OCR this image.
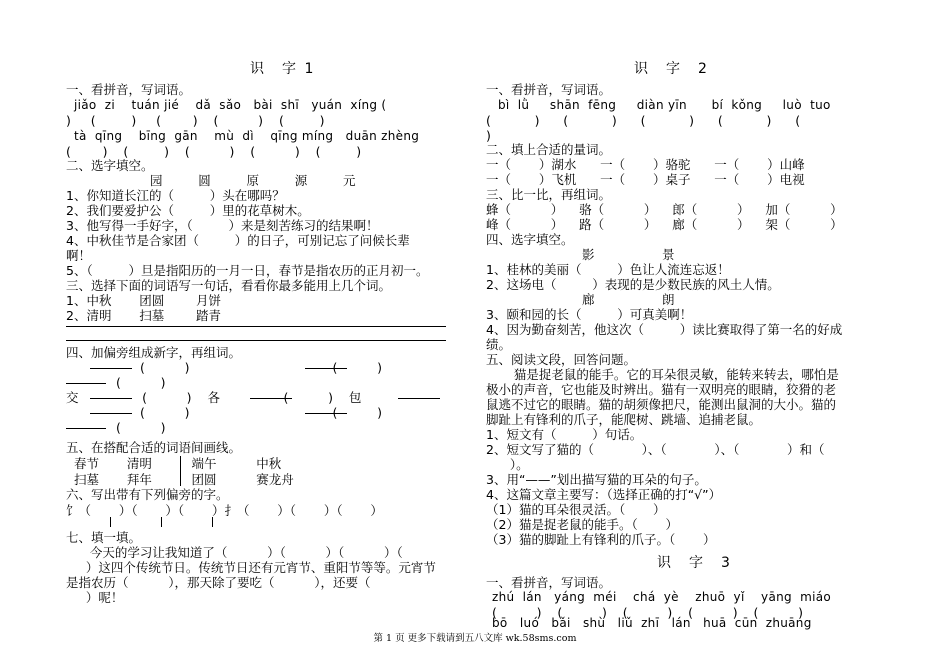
识　字 1
一、看拼音，写词语。
jiǎo  zi    tuán jié    dǎ  sǎo   bài  shī   yuán  xíng (
)     (         )     (        )    (          )    (         )
tà  qīng    bīng  gān    mù  dì    qīng míng   duān zhèng
(        )    (         )    (          )    (          )    (         )
二、选字填空。
园         圆         原         源         元
1、你知道长江的（         ）头在哪吗？
2、我们要爱护公（         ）里的花草树木。
3、他写得一手好字，（         ）来是刻苦练习的结果啊！
4、中秋佳节是合家团（         ）的日子，可别记忘了问候长辈
啊！
5、（         ）旦是指阳历的一月一日，春节是指农历的正月初一。
三、选择下面的词语写一句话，看看你最多能用上几个词。
1、中秋       团圆        月饼
2、清明       扫墓        踏青
四、加偏旁组成新字，再组词。
(          )                                    (          )
(          )
交                (          )    各                (          )    包
(          )                                    (          )
(          )
五、在搭配合适的词语间画线。
春节       清明          端午          中秋
扫墓       拜年          团圆          赛龙舟
六、写出带有下列偏旁的字。
饣（       ）（       ）（       ）扌（       ）（       ）（       ）
七、填一填。
今天的学习让我知道了（          ）（          ）（          ）（
）这四个传统节日。传统节日还有元宵节、重阳节等等。元宵节
是指农历（          ），那天除了要吃（          ），还要（
）呢！
识　字　2
一、看拼音，写词语。
bì  lǜ     shān  fēng     diàn yīn      bí  kǒng     luò  tuo
(           )      (           )      (           )      (           )      (
)
二、填上合适的量词。
一（       ）湖水      一（       ）骆驼      一（       ）山峰
一（       ）飞机      一（       ）桌子      一（       ）电视
三、比一比，再组词。
蜂（          ）    骆（          ）    郎（          ）    加（          ）
峰（          ）    路（          ）    廊（          ）    架（          ）
四、选字填空。
影                 景
1、桂林的美丽（         ）色让人流连忘返！
2、这场电（         ）表现的是少数民族的风土人情。
廊                 朗
3、颐和园的长（         ）可真美啊！
4、因为勤奋刻苦，他这次（         ）读比赛取得了第一名的好成
绩。
五、阅读文段，回答问题。
猫是捉老鼠的能手。它的耳朵很灵敏，能转来转去，哪怕是
极小的声音，它也能及时辨出。猫有一双明亮的眼睛，狡猾的老
鼠逃不过它的眼睛。猫的胡须像把尺，能测出鼠洞的大小。猫的
脚趾上有锋利的爪子，能爬树、跳墙、追捕老鼠。
1、短文有（         ）句话。
2、短文写了猫的（            ）、（            ）、（            ）和（
）。
3、用“——”划出描写猫的耳朵的句子。
4、这篇文章主要写：（选择正确的打“√”）
（1）猫的耳朵很灵活。（       ）
（2）猫是捉老鼠的能手。（       ）
（3）猫的脚趾上有锋利的爪子。（       ）
识　字　3
一、看拼音，写词语。
zhú  lán   yáng  méi    chá  yè    zhuō  yǐ    yāng  miáo
(          )    (          )    (          )    (          )    (          )
bō   luó   bǎi   shù   liǔ  zhī   lán   huā  cūn  zhuāng
第 1 页 更多下载请到五八文库 wk.58sms.com
